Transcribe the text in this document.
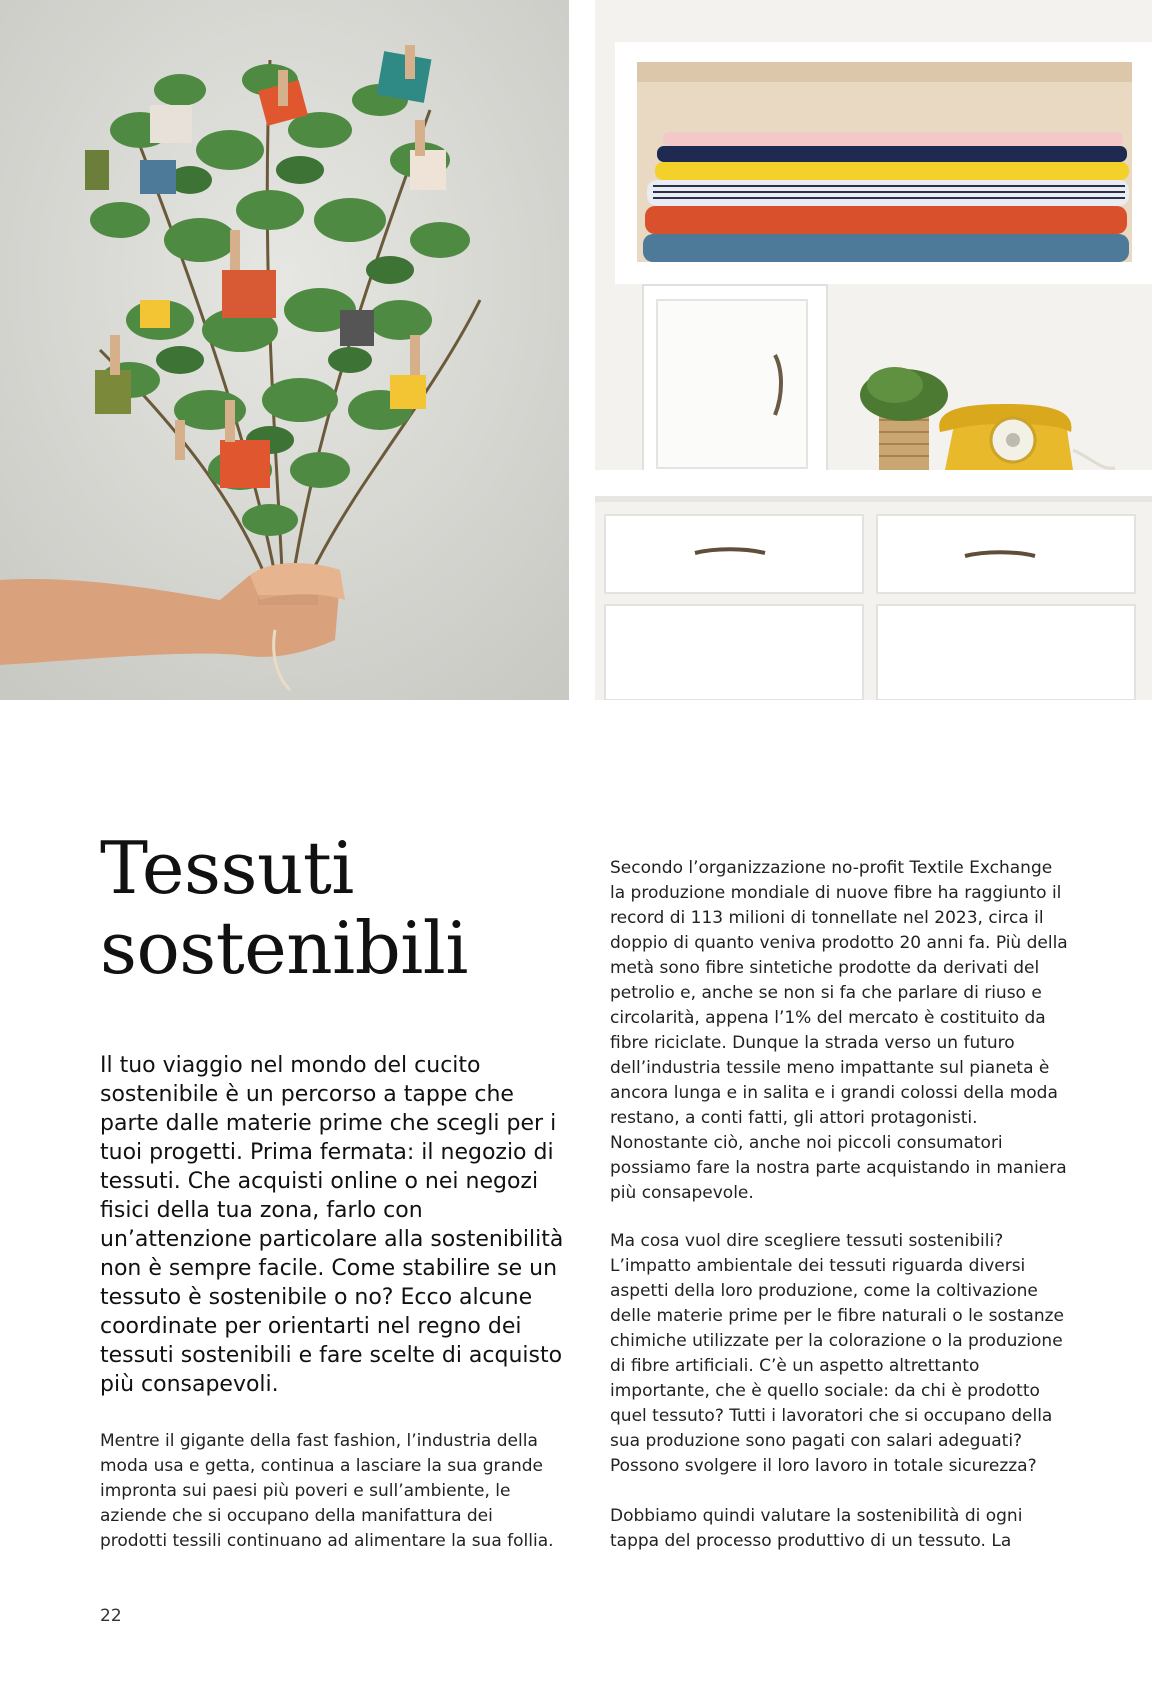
Tessuti
sostenibili

Il tuo viaggio nel mondo del cucito sostenibile è un percorso a tappe che parte dalle materie prime che scegli per i tuoi progetti. Prima fermata: il negozio di tessuti. Che acquisti online o nei negozi fisici della tua zona, farlo con un’attenzione particolare alla sostenibilità non è sempre facile. Come stabilire se un tessuto è sostenibile o no? Ecco alcune coordinate per orientarti nel regno dei tessuti sostenibili e fare scelte di acquisto più consapevoli.

Mentre il gigante della fast fashion, l’industria della moda usa e getta, continua a lasciare la sua grande impronta sui paesi più poveri e sull’ambiente, le aziende che si occupano della manifattura dei prodotti tessili continuano ad alimentare la sua follia.

Secondo l’organizzazione no-profit Textile Exchange la produzione mondiale di nuove fibre ha raggiunto il record di 113 milioni di tonnellate nel 2023, circa il doppio di quanto veniva prodotto 20 anni fa. Più della metà sono fibre sintetiche prodotte da derivati del petrolio e, anche se non si fa che parlare di riuso e circolarità, appena l’1% del mercato è costituito da fibre riciclate. Dunque la strada verso un futuro dell’industria tessile meno impattante sul pianeta è ancora lunga e in salita e i grandi colossi della moda restano, a conti fatti, gli attori protagonisti. Nonostante ciò, anche noi piccoli consumatori possiamo fare la nostra parte acquistando in maniera più consapevole.

Ma cosa vuol dire scegliere tessuti sostenibili? L’impatto ambientale dei tessuti riguarda diversi aspetti della loro produzione, come la coltivazione delle materie prime per le fibre naturali o le sostanze chimiche utilizzate per la colorazione o la produzione di fibre artificiali. C’è un aspetto altrettanto importante, che è quello sociale: da chi è prodotto quel tessuto? Tutti i lavoratori che si occupano della sua produzione sono pagati con salari adeguati? Possono svolgere il loro lavoro in totale sicurezza?

Dobbiamo quindi valutare la sostenibilità di ogni tappa del processo produttivo di un tessuto. La

22
